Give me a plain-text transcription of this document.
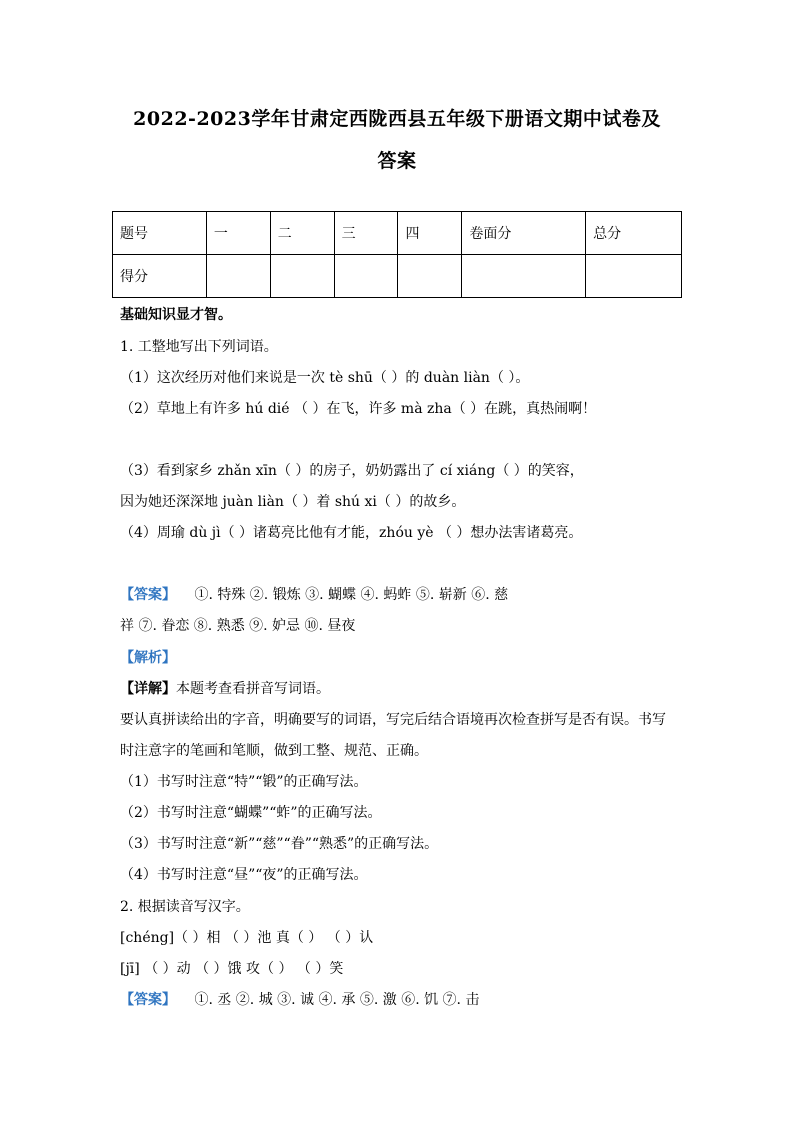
2022-2023学年甘肃定西陇西县五年级下册语文期中试卷及
答案
题号	一	二	三	四	卷面分	总分
得分						
基础知识显才智。
1. 工整地写出下列词语。
（1）这次经历对他们来说是一次 tè shū（ ）的 duàn liàn（ ）。
（2）草地上有许多 hú dié （ ）在飞，许多 mà zha（ ）在跳，真热闹啊！
（3）看到家乡 zhǎn xīn（ ）的房子，奶奶露出了 cí xiáng（ ）的笑容，
因为她还深深地 juàn liàn（ ）着 shú xi（ ）的故乡。
（4）周瑜 dù jì（ ）诸葛亮比他有才能，zhóu yè （ ）想办法害诸葛亮。
【答案】 ①. 特殊 ②. 锻炼 ③. 蝴蝶 ④. 蚂蚱 ⑤. 崭新 ⑥. 慈
祥 ⑦. 眷恋 ⑧. 熟悉 ⑨. 妒忌 ⑩. 昼夜
【解析】
【详解】本题考查看拼音写词语。
要认真拼读给出的字音，明确要写的词语，写完后结合语境再次检查拼写是否有误。书写
时注意字的笔画和笔顺，做到工整、规范、正确。
（1）书写时注意“特”“锻”的正确写法。
（2）书写时注意“蝴蝶”“蚱”的正确写法。
（3）书写时注意“新”“慈”“眷”“熟悉”的正确写法。
（4）书写时注意“昼”“夜”的正确写法。
2. 根据读音写汉字。
[chéng]（ ）相 （ ）池 真（ ） （ ）认
[jī] （ ）动 （ ）饿 攻（ ） （ ）笑
【答案】 ①. 丞 ②. 城 ③. 诚 ④. 承 ⑤. 激 ⑥. 饥 ⑦. 击
